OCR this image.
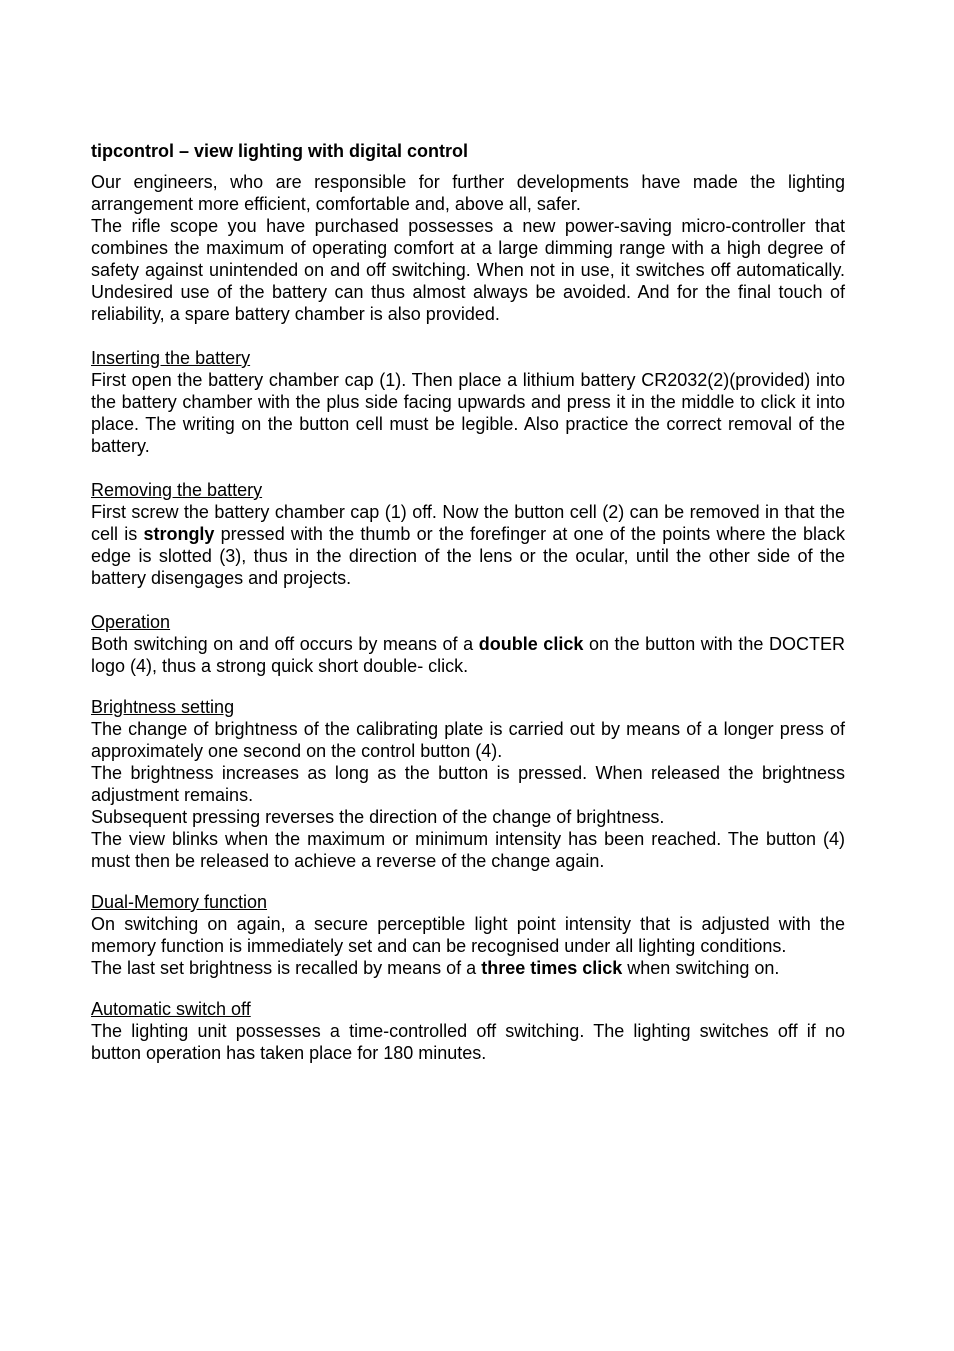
tipcontrol – view lighting with digital control

Our engineers, who are responsible for further developments have made the lighting arrangement more efficient, comfortable and, above all, safer.

The rifle scope you have purchased possesses a new power-saving micro-controller that combines the maximum of operating comfort at a large dimming range with a high degree of safety against unintended on and off switching. When not in use, it switches off automatically. Undesired use of the battery can thus almost always be avoided. And for the final touch of reliability, a spare battery chamber is also provided.

Inserting the battery

First open the battery chamber cap (1). Then place a lithium battery CR2032(2)(provided) into the battery chamber with the plus side facing upwards and press it in the middle to click it into place. The writing on the button cell must be legible. Also practice the correct removal of the battery.

Removing the battery

First screw the battery chamber cap (1) off. Now the button cell (2) can be removed in that the cell is strongly pressed with the thumb or the forefinger at one of the points where the black edge is slotted (3), thus in the direction of the lens or the ocular, until the other side of the battery disengages and projects.

Operation

Both switching on and off occurs by means of a double click on the button with the DOCTER logo (4), thus a strong quick short double- click.

Brightness setting

The change of brightness of the calibrating plate is carried out by means of a longer press of approximately one second on the control button (4).

The brightness increases as long as the button is pressed. When released the brightness adjustment remains.

Subsequent pressing reverses the direction of the change of brightness.

The view blinks when the maximum or minimum intensity has been reached. The button (4) must then be released to achieve a reverse of the change again.

Dual-Memory function

On switching on again, a secure perceptible light point intensity that is adjusted with the memory function is immediately set and can be recognised under all lighting conditions.

The last set brightness is recalled by means of a three times click when switching on.

Automatic switch off

The lighting unit possesses a time-controlled off switching. The lighting switches off if no button operation has taken place for 180 minutes.
